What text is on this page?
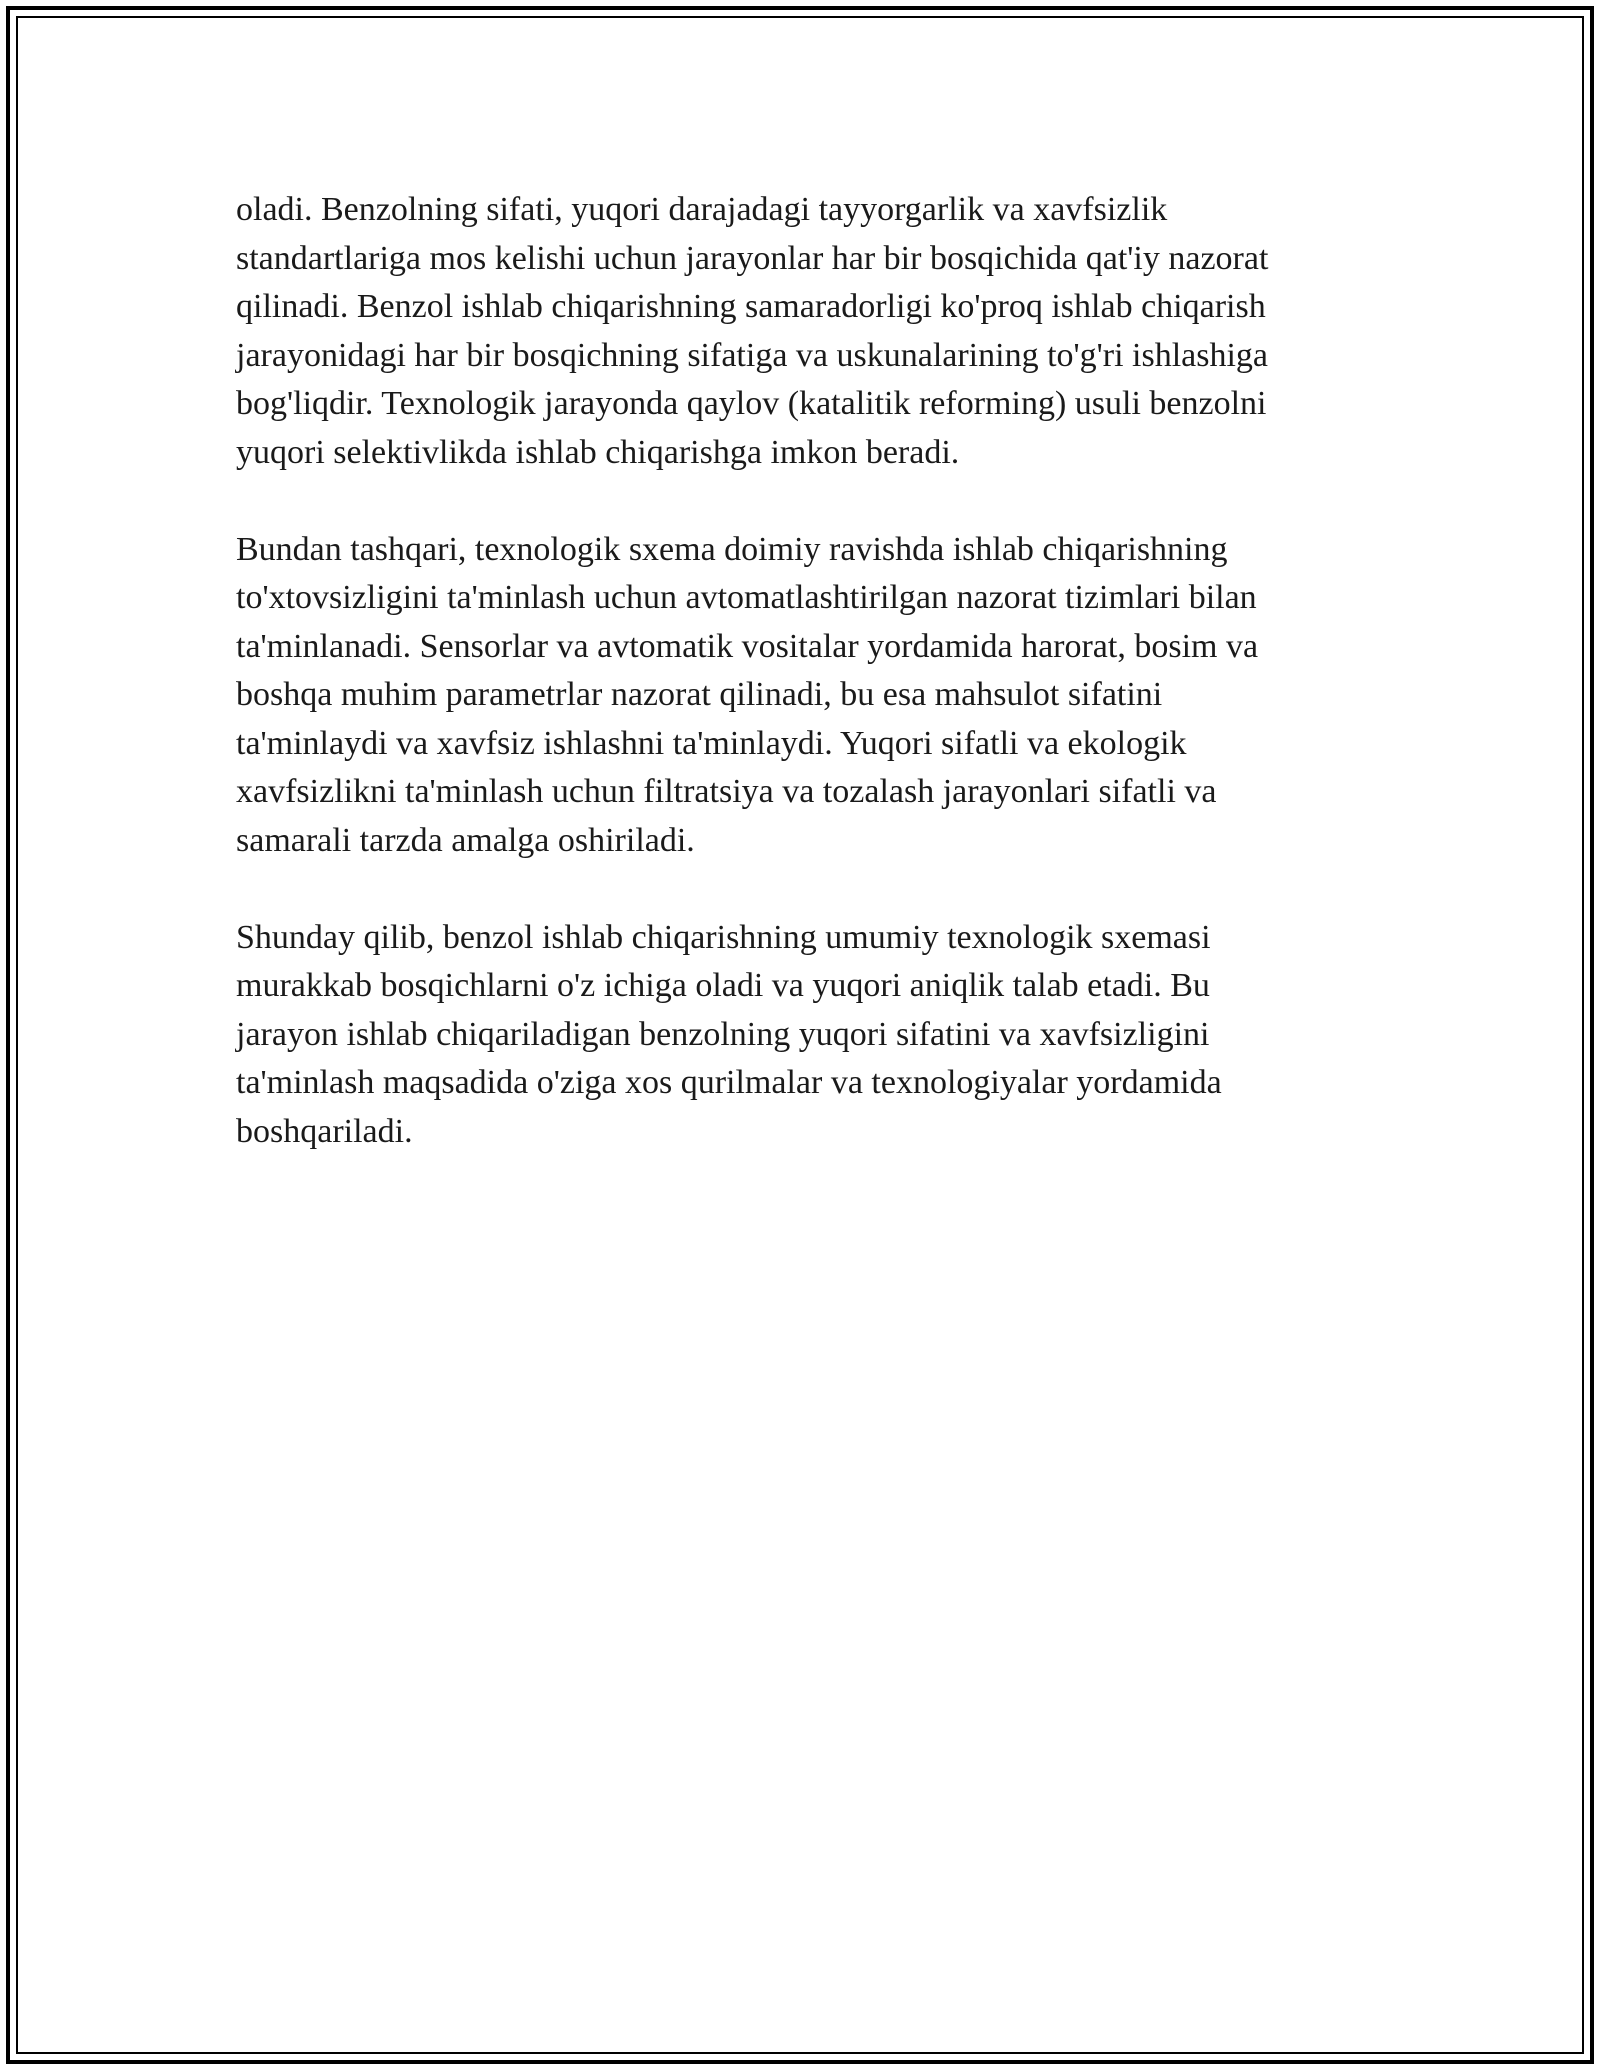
oladi. Benzolning sifati, yuqori darajadagi tayyorgarlik va xavfsizlik
standartlariga mos kelishi uchun jarayonlar har bir bosqichida qat'iy nazorat
qilinadi. Benzol ishlab chiqarishning samaradorligi ko'proq ishlab chiqarish
jarayonidagi har bir bosqichning sifatiga va uskunalarining to'g'ri ishlashiga
bog'liqdir. Texnologik jarayonda qaylov (katalitik reforming) usuli benzolni
yuqori selektivlikda ishlab chiqarishga imkon beradi.

Bundan tashqari, texnologik sxema doimiy ravishda ishlab chiqarishning
to'xtovsizligini ta'minlash uchun avtomatlashtirilgan nazorat tizimlari bilan
ta'minlanadi. Sensorlar va avtomatik vositalar yordamida harorat, bosim va
boshqa muhim parametrlar nazorat qilinadi, bu esa mahsulot sifatini
ta'minlaydi va xavfsiz ishlashni ta'minlaydi. Yuqori sifatli va ekologik
xavfsizlikni ta'minlash uchun filtratsiya va tozalash jarayonlari sifatli va
samarali tarzda amalga oshiriladi.

Shunday qilib, benzol ishlab chiqarishning umumiy texnologik sxemasi
murakkab bosqichlarni o'z ichiga oladi va yuqori aniqlik talab etadi. Bu
jarayon ishlab chiqariladigan benzolning yuqori sifatini va xavfsizligini
ta'minlash maqsadida o'ziga xos qurilmalar va texnologiyalar yordamida
boshqariladi.
